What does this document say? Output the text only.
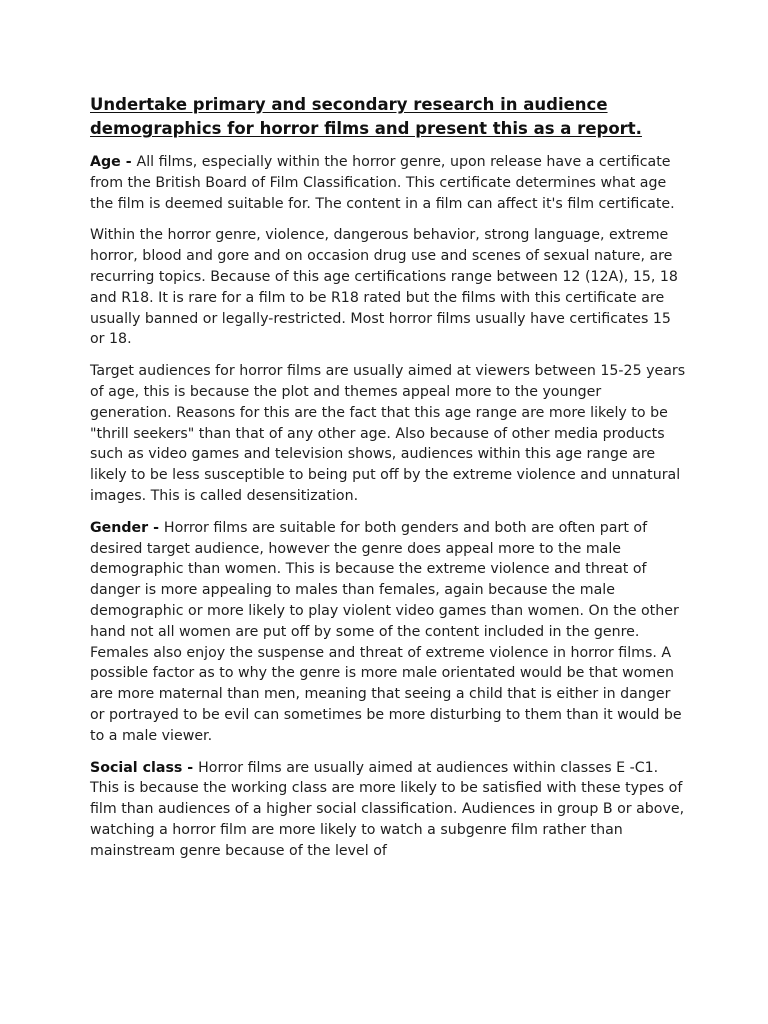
Undertake primary and secondary research in audience demographics for horror films and present this as a report.

Age - All films, especially within the horror genre, upon release have a certificate from the British Board of Film Classification. This certificate determines what age the film is deemed suitable for. The content in a film can affect it's film certificate.

Within the horror genre, violence, dangerous behavior, strong language, extreme horror, blood and gore and on occasion drug use and scenes of sexual nature, are recurring topics. Because of this age certifications range between 12 (12A), 15, 18 and R18. It is rare for a film to be R18 rated but the films with this certificate are usually banned or legally-restricted. Most horror films usually have certificates 15 or 18.

Target audiences for horror films are usually aimed at viewers between 15-25 years of age, this is because the plot and themes appeal more to the younger generation. Reasons for this are the fact that this age range are more likely to be "thrill seekers" than that of any other age. Also because of other media products such as video games and television shows, audiences within this age range are likely to be less susceptible to being put off by the extreme violence and unnatural images. This is called desensitization.

Gender - Horror films are suitable for both genders and both are often part of desired target audience, however the genre does appeal more to the male demographic than women. This is because the extreme violence and threat of danger is more appealing to males than females, again because the male demographic or more likely to play violent video games than women. On the other hand not all women are put off by some of the content included in the genre. Females also enjoy the suspense and threat of extreme violence in horror films. A possible factor as to why the genre is more male orientated would be that women are more maternal than men, meaning that seeing a child that is either in danger or portrayed to be evil can sometimes be more disturbing to them than it would be to a male viewer.

Social class - Horror films are usually aimed at audiences within classes E -C1. This is because the working class are more likely to be satisfied with these types of film than audiences of a higher social classification. Audiences in group B or above, watching a horror film are more likely to watch a subgenre film rather than mainstream genre because of the level of
